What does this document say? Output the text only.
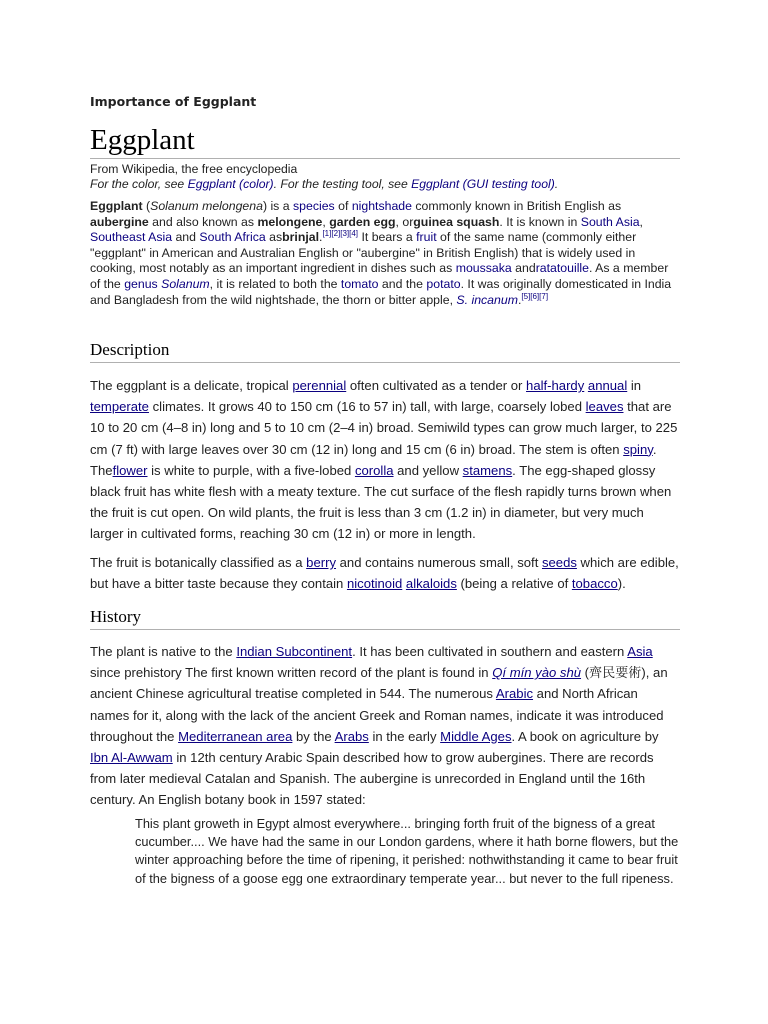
Importance of Eggplant
Eggplant
From Wikipedia, the free encyclopedia
For the color, see Eggplant (color). For the testing tool, see Eggplant (GUI testing tool).
Eggplant (Solanum melongena) is a species of nightshade commonly known in British English as aubergine and also known as melongene, garden egg, orguinea squash. It is known in South Asia, Southeast Asia and South Africa asbrinjal.[1][2][3][4] It bears a fruit of the same name (commonly either "eggplant" in American and Australian English or "aubergine" in British English) that is widely used in cooking, most notably as an important ingredient in dishes such as moussaka andratatouille. As a member of the genus Solanum, it is related to both the tomato and the potato. It was originally domesticated in India and Bangladesh from the wild nightshade, the thorn or bitter apple, S. incanum.[5][6][7]
Description

The eggplant is a delicate, tropical perennial often cultivated as a tender or half-hardy annual in temperate climates. It grows 40 to 150 cm (16 to 57 in) tall, with large, coarsely lobed leaves that are 10 to 20 cm (4–8 in) long and 5 to 10 cm (2–4 in) broad. Semiwild types can grow much larger, to 225 cm (7 ft) with large leaves over 30 cm (12 in) long and 15 cm (6 in) broad. The stem is often spiny. Theflower is white to purple, with a five-lobed corolla and yellow stamens. The egg-shaped glossy black fruit has white flesh with a meaty texture. The cut surface of the flesh rapidly turns brown when the fruit is cut open. On wild plants, the fruit is less than 3 cm (1.2 in) in diameter, but very much larger in cultivated forms, reaching 30 cm (12 in) or more in length.

The fruit is botanically classified as a berry and contains numerous small, soft seeds which are edible, but have a bitter taste because they contain nicotinoid alkaloids (being a relative of tobacco).

History

The plant is native to the Indian Subcontinent. It has been cultivated in southern and eastern Asia since prehistory The first known written record of the plant is found in Qí mín yào shù (齊民要術), an ancient Chinese agricultural treatise completed in 544. The numerous Arabic and North African names for it, along with the lack of the ancient Greek and Roman names, indicate it was introduced throughout the Mediterranean area by the Arabs in the early Middle Ages. A book on agriculture by Ibn Al-Awwam in 12th century Arabic Spain described how to grow aubergines. There are records from later medieval Catalan and Spanish. The aubergine is unrecorded in England until the 16th century. An English botany book in 1597 stated:

This plant groweth in Egypt almost everywhere... bringing forth fruit of the bigness of a great cucumber.... We have had the same in our London gardens, where it hath borne flowers, but the winter approaching before the time of ripening, it perished: nothwithstanding it came to bear fruit of the bigness of a goose egg one extraordinary temperate year... but never to the full ripeness.
